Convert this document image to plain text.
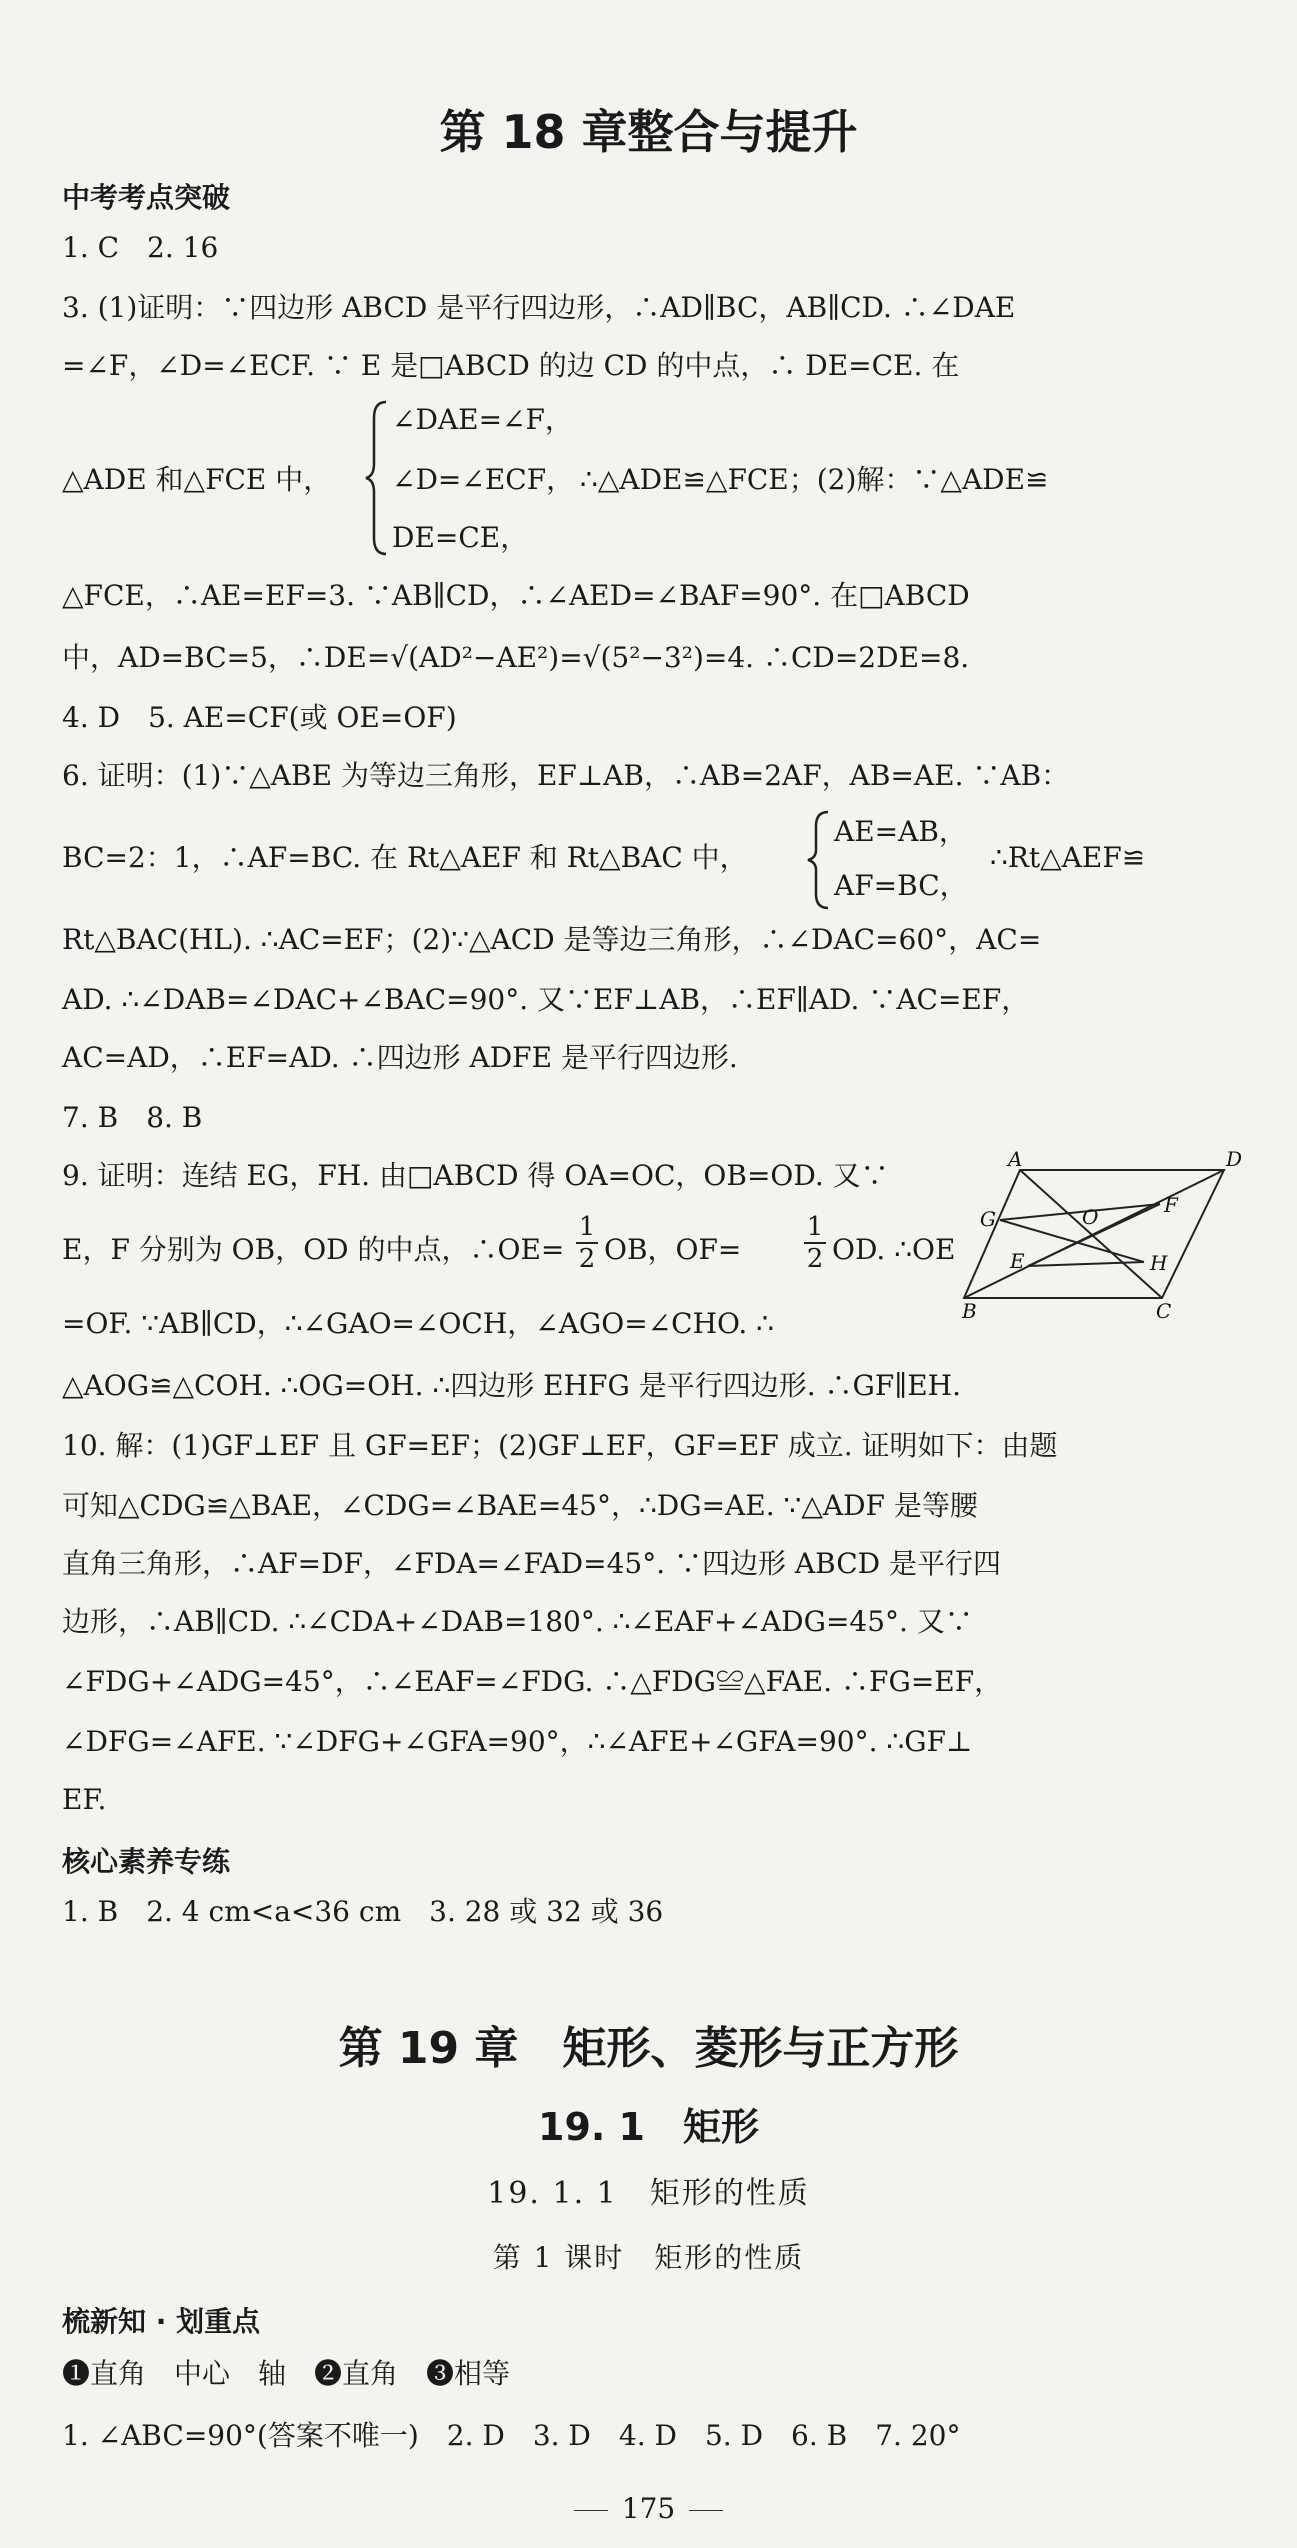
第 18 章整合与提升
中考考点突破
1. C　2. 16
3. (1)证明：∵四边形 ABCD 是平行四边形，∴AD∥BC，AB∥CD. ∴∠DAE
=∠F，∠D=∠ECF. ∵ E 是□ABCD 的边 CD 的中点，∴ DE=CE. 在
△ADE 和△FCE 中，
∠DAE=∠F，
∠D=∠ECF，
DE=CE，
∴△ADE≌△FCE；(2)解：∵△ADE≌
△FCE，∴AE=EF=3. ∵AB∥CD，∴∠AED=∠BAF=90°. 在□ABCD
中，AD=BC=5，∴DE=√(AD²−AE²)=√(5²−3²)=4. ∴CD=2DE=8.
4. D　5. AE=CF(或 OE=OF)
6. 证明：(1)∵△ABE 为等边三角形，EF⊥AB，∴AB=2AF，AB=AE. ∵AB：
BC=2：1，∴AF=BC. 在 Rt△AEF 和 Rt△BAC 中，
AE=AB，
AF=BC，
∴Rt△AEF≌
Rt△BAC(HL). ∴AC=EF；(2)∵△ACD 是等边三角形，∴∠DAC=60°，AC=
AD. ∴∠DAB=∠DAC+∠BAC=90°. 又∵EF⊥AB，∴EF∥AD. ∵AC=EF，
AC=AD，∴EF=AD. ∴四边形 ADFE 是平行四边形.
7. B　8. B
9. 证明：连结 EG，FH. 由□ABCD 得 OA=OC，OB=OD. 又∵
E，F 分别为 OB，OD 的中点，∴OE= $\frac{1}{2}$ OB，$OF= \frac{1}{2}$ OD. ∴OE
=OF. ∵AB∥CD，∴∠GAO=∠OCH，∠AGO=∠CHO. ∴
△AOG≌△COH. ∴OG=OH. ∴四边形 EHFG 是平行四边形. ∴GF∥EH.
A	D
G	O	F
E	H
B	C
10. 解：(1)GF⊥EF 且 GF=EF；(2)GF⊥EF，GF=EF 成立. 证明如下：由题
可知△CDG≌△BAE，∠CDG=∠BAE=45°，∴DG=AE. ∵△ADF 是等腰
直角三角形，∴AF=DF，∠FDA=∠FAD=45°. ∵四边形 ABCD 是平行四
边形，∴AB∥CD. ∴∠CDA+∠DAB=180°. ∴∠EAF+∠ADG=45°. 又∵
∠FDG+∠ADG=45°，∴∠EAF=∠FDG. ∴△FDG≌△FAE. ∴FG=EF，
∠DFG=∠AFE. ∵∠DFG+∠GFA=90°，∴∠AFE+∠GFA=90°. ∴GF⊥
EF.
核心素养专练
1. B　2. 4 cm<a<36 cm　3. 28 或 32 或 36
第 19 章　矩形、菱形与正方形
19. 1　矩形
19. 1. 1　矩形的性质
第 1 课时　矩形的性质
梳新知 · 划重点
❶直角　中心　轴　❷直角　❸相等
1. ∠ABC=90°(答案不唯一)　2. D　3. D　4. D　5. D　6. B　7. 20°
175
